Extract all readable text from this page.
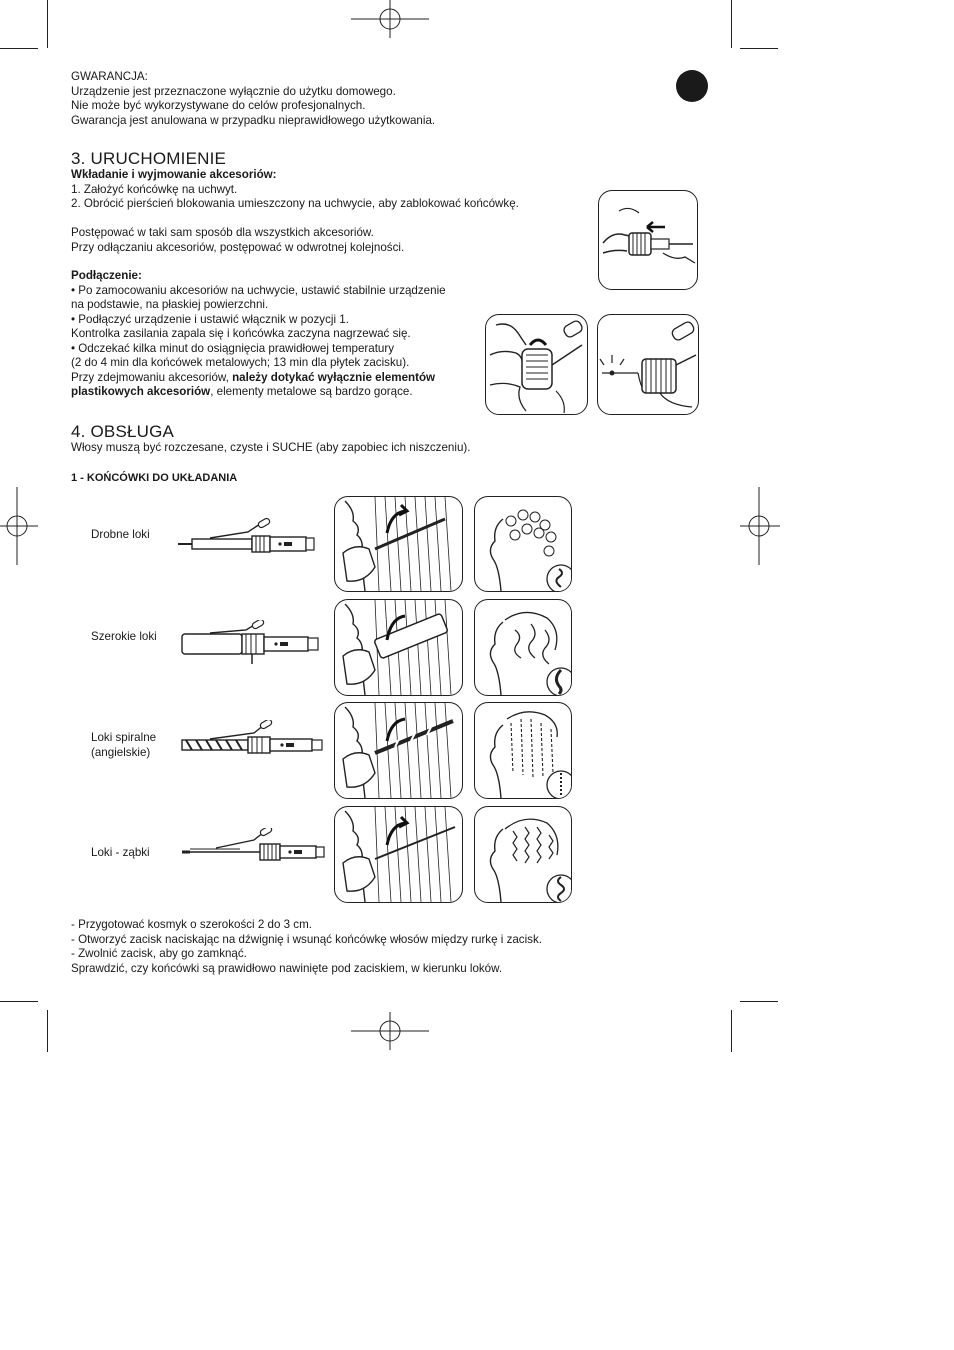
GWARANCJA:
Urządzenie jest przeznaczone wyłącznie do użytku domowego.
Nie może być wykorzystywane do celów profesjonalnych.
Gwarancja jest anulowana w przypadku nieprawidłowego użytkowania.
3. URUCHOMIENIE
Wkładanie i wyjmowanie akcesoriów:
1. Założyć końcówkę na uchwyt.
2. Obrócić pierścień blokowania umieszczony na uchwycie, aby zablokować końcówkę.
Postępować w taki sam sposób dla wszystkich akcesoriów.
Przy odłączaniu akcesoriów, postępować w odwrotnej kolejności.
Podłączenie:
• Po zamocowaniu akcesoriów na uchwycie, ustawić stabilnie urządzenie
na podstawie, na płaskiej powierzchni.
• Podłączyć urządzenie i ustawić włącznik w pozycji 1.
Kontrolka zasilania zapala się i końcówka zaczyna nagrzewać się.
• Odczekać kilka minut do osiągnięcia prawidłowej temperatury
(2 do 4 min dla końcówek metalowych; 13 min dla płytek zacisku).
Przy zdejmowaniu akcesoriów, należy dotykać wyłącznie elementów
plastikowych akcesoriów, elementy metalowe są bardzo gorące.
4. OBSŁUGA
Włosy muszą być rozczesane, czyste i SUCHE (aby zapobiec ich niszczeniu).
1 - KOŃCÓWKI DO UKŁADANIA
Drobne loki
Szerokie loki
Loki spiralne
(angielskie)
Loki - ząbki
- Przygotować kosmyk o szerokości 2 do 3 cm.
- Otworzyć zacisk naciskając na dźwignię i wsunąć końcówkę włosów między rurkę i zacisk.
- Zwolnić zacisk, aby go zamknąć.
Sprawdzić, czy końcówki są prawidłowo nawinięte pod zaciskiem, w kierunku loków.
